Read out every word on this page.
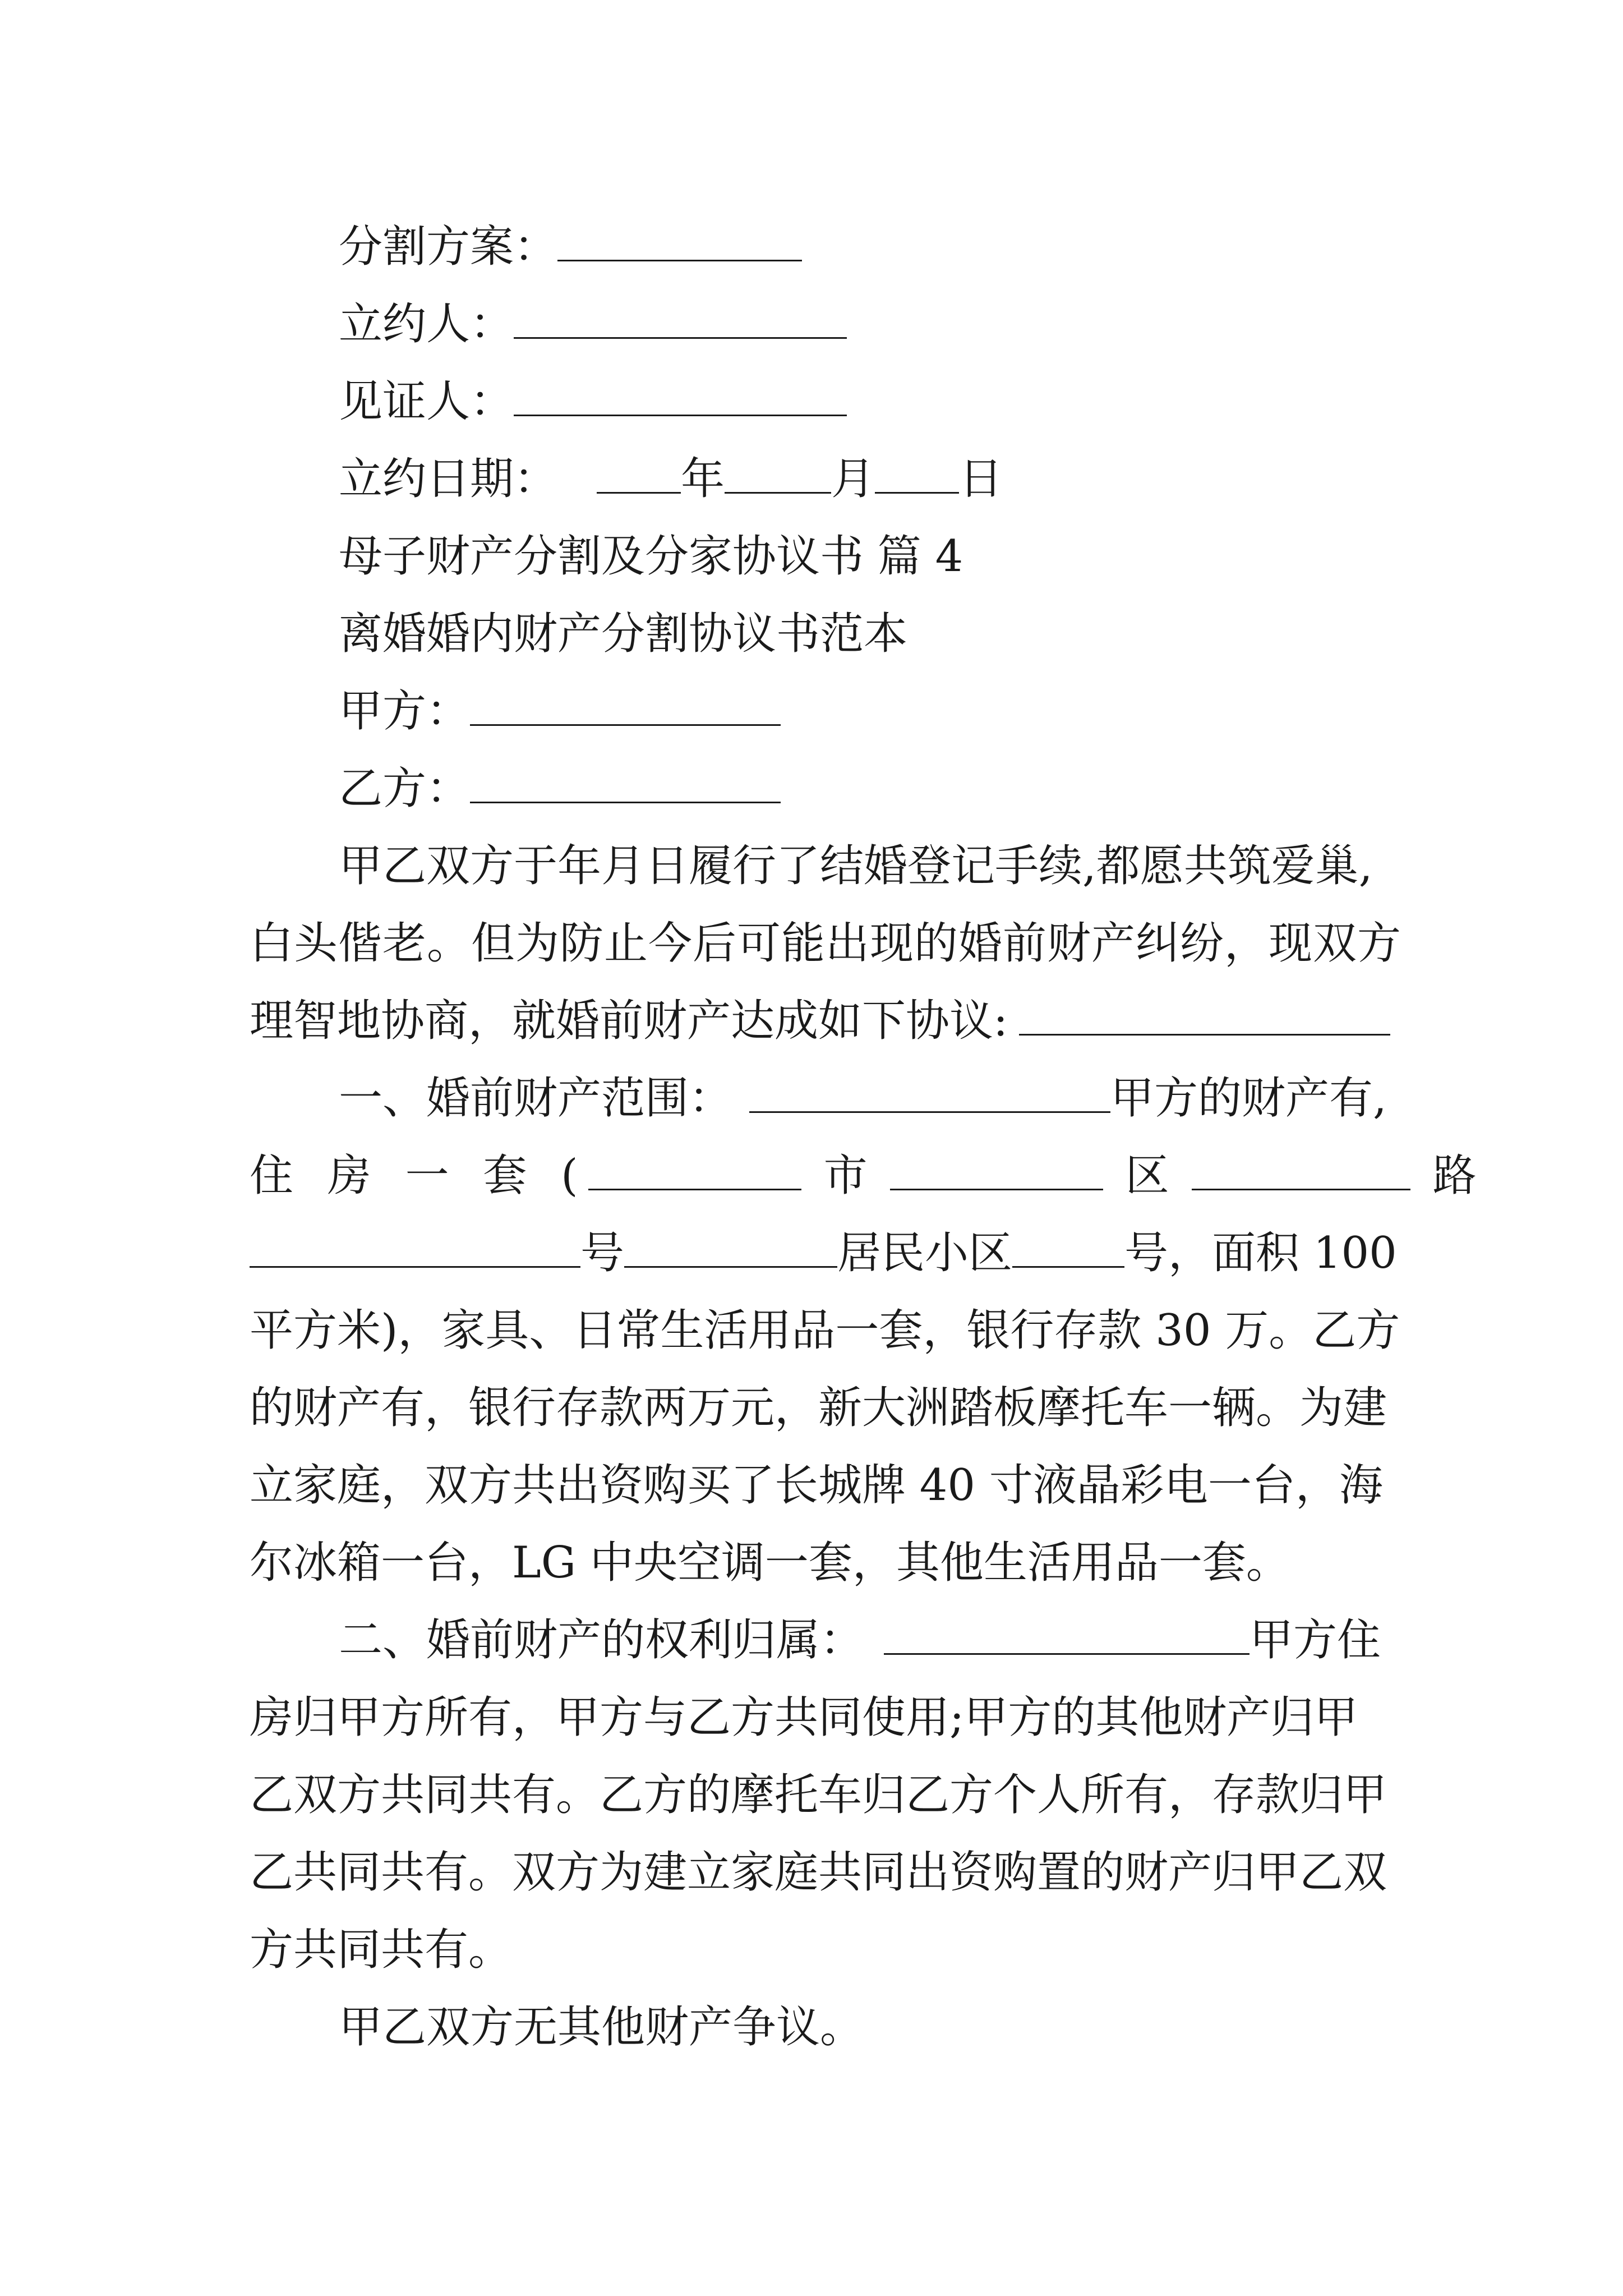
分割方案：
立约人：
见证人：
立约日期：	年 月 日
母子财产分割及分家协议书 篇 4
离婚婚内财产分割协议书范本
甲方：
乙方：
甲乙双方于年月日履行了结婚登记手续,都愿共筑爱巢,
白头偕老。但为防止今后可能出现的婚前财产纠纷，现双方
理智地协商，就婚前财产达成如下协议:
一、婚前财产范围：	甲方的财产有,
住 房 一 套 (	市	区	路
号	居民小区	号，面积 100
平方米)，家具、日常生活用品一套，银行存款 30 万。乙方
的财产有，银行存款两万元，新大洲踏板摩托车一辆。为建
立家庭，双方共出资购买了长城牌 40 寸液晶彩电一台，海
尔冰箱一台，LG 中央空调一套，其他生活用品一套。
二、婚前财产的权利归属：	甲方住
房归甲方所有，甲方与乙方共同使用;甲方的其他财产归甲
乙双方共同共有。乙方的摩托车归乙方个人所有，存款归甲
乙共同共有。双方为建立家庭共同出资购置的财产归甲乙双
方共同共有。
甲乙双方无其他财产争议。
